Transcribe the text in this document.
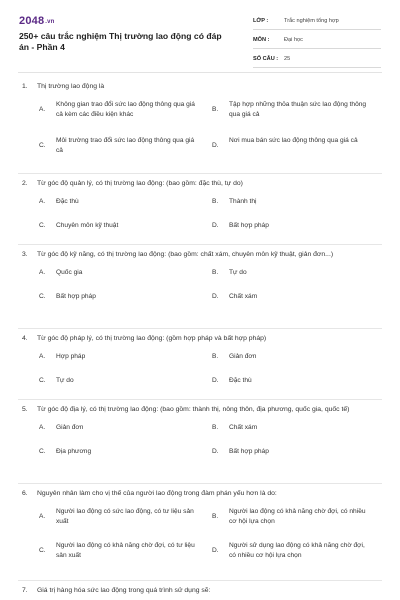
2048.vn
250+ câu trắc nghiệm Thị trường lao động có đáp án - Phần 4
LỚP :	Trắc nghiệm tổng hợp
MÔN :	Đại học
SỐ CÂU : 25
1. Thị trường lao động là
A.
Không gian trao đổi sức lao động thông qua giá cả kèm các điều kiện khác
B.
Tập hợp những thỏa thuận sức lao động thông qua giá cả
C.
Môi trường trao đổi sức lao động thông qua giá cả
D.
Nơi mua bán sức lao động thông qua giá cả
2. Từ góc độ quản lý, có thị trường lao động: (bao gồm: đặc thù, tự do)
A. Đặc thù	B. Thành thị
C. Chuyên môn kỹ thuật	D. Bất hợp pháp
3. Từ góc độ kỹ năng, có thị trường lao động: (bao gồm: chất xám, chuyên môn kỹ thuật, giản đơn...)
A. Quốc gia	B. Tự do
C. Bất hợp pháp	D. Chất xám
4. Từ góc độ pháp lý, có thị trường lao động: (gồm hợp pháp và bất hợp pháp)
A. Hợp pháp	B. Giản đơn
C. Tự do	D. Đặc thù
5. Từ góc độ địa lý, có thị trường lao động: (bao gồm: thành thị, nông thôn, địa phương, quốc gia, quốc tế)
A. Giản đơn	B. Chất xám
C. Địa phương	D. Bất hợp pháp
6. Nguyên nhân làm cho vị thế của người lao động trong đàm phán yếu hơn là do:
A.
Người lao động có sức lao động, có tư liệu sản xuất
B.
Người lao động có khả năng chờ đợi, có nhiều cơ hội lựa chọn
C.
Người lao động có khả năng chờ đợi, có tư liệu sản xuất
D.
Người sử dụng lao động có khả năng chờ đợi, có nhiều cơ hội lựa chọn
7. Giá trị hàng hóa sức lao động trong quá trình sử dụng sẽ:
